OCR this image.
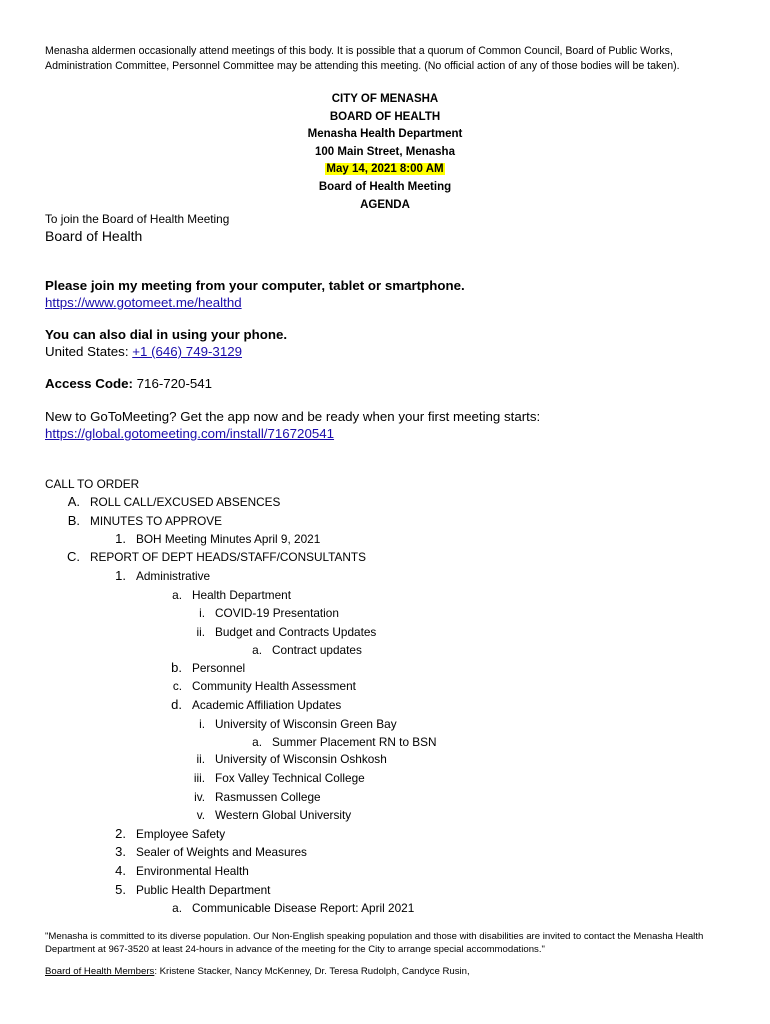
Menasha aldermen occasionally attend meetings of this body. It is possible that a quorum of Common Council, Board of Public Works, Administration Committee, Personnel Committee may be attending this meeting. (No official action of any of those bodies will be taken).

CITY OF MENASHA
BOARD OF HEALTH
Menasha Health Department
100 Main Street, Menasha
May 14, 2021 8:00 AM
Board of Health Meeting
AGENDA

To join the Board of Health Meeting

Board of Health

Please join my meeting from your computer, tablet or smartphone.

https://www.gotomeet.me/healthd

You can also dial in using your phone.

United States: +1 (646) 749-3129

Access Code: 716-720-541

New to GoToMeeting? Get the app now and be ready when your first meeting starts:

https://global.gotomeeting.com/install/716720541

CALL TO ORDER

A. ROLL CALL/EXCUSED ABSENCES

B. MINUTES TO APPROVE

1. BOH Meeting Minutes April 9, 2021

C. REPORT OF DEPT HEADS/STAFF/CONSULTANTS

1. Administrative

a. Health Department

i. COVID-19 Presentation

ii. Budget and Contracts Updates

a. Contract updates

b. Personnel

c. Community Health Assessment

d. Academic Affiliation Updates

i. University of Wisconsin Green Bay

a. Summer Placement RN to BSN

ii. University of Wisconsin Oshkosh

iii. Fox Valley Technical College

iv. Rasmussen College

v. Western Global University

2. Employee Safety

3. Sealer of Weights and Measures

4. Environmental Health

5. Public Health Department

a. Communicable Disease Report: April 2021

"Menasha is committed to its diverse population. Our Non-English speaking population and those with disabilities are invited to contact the Menasha Health Department at 967-3520 at least 24-hours in advance of the meeting for the City to arrange special accommodations."

Board of Health Members: Kristene Stacker, Nancy McKenney, Dr. Teresa Rudolph, Candyce Rusin,
